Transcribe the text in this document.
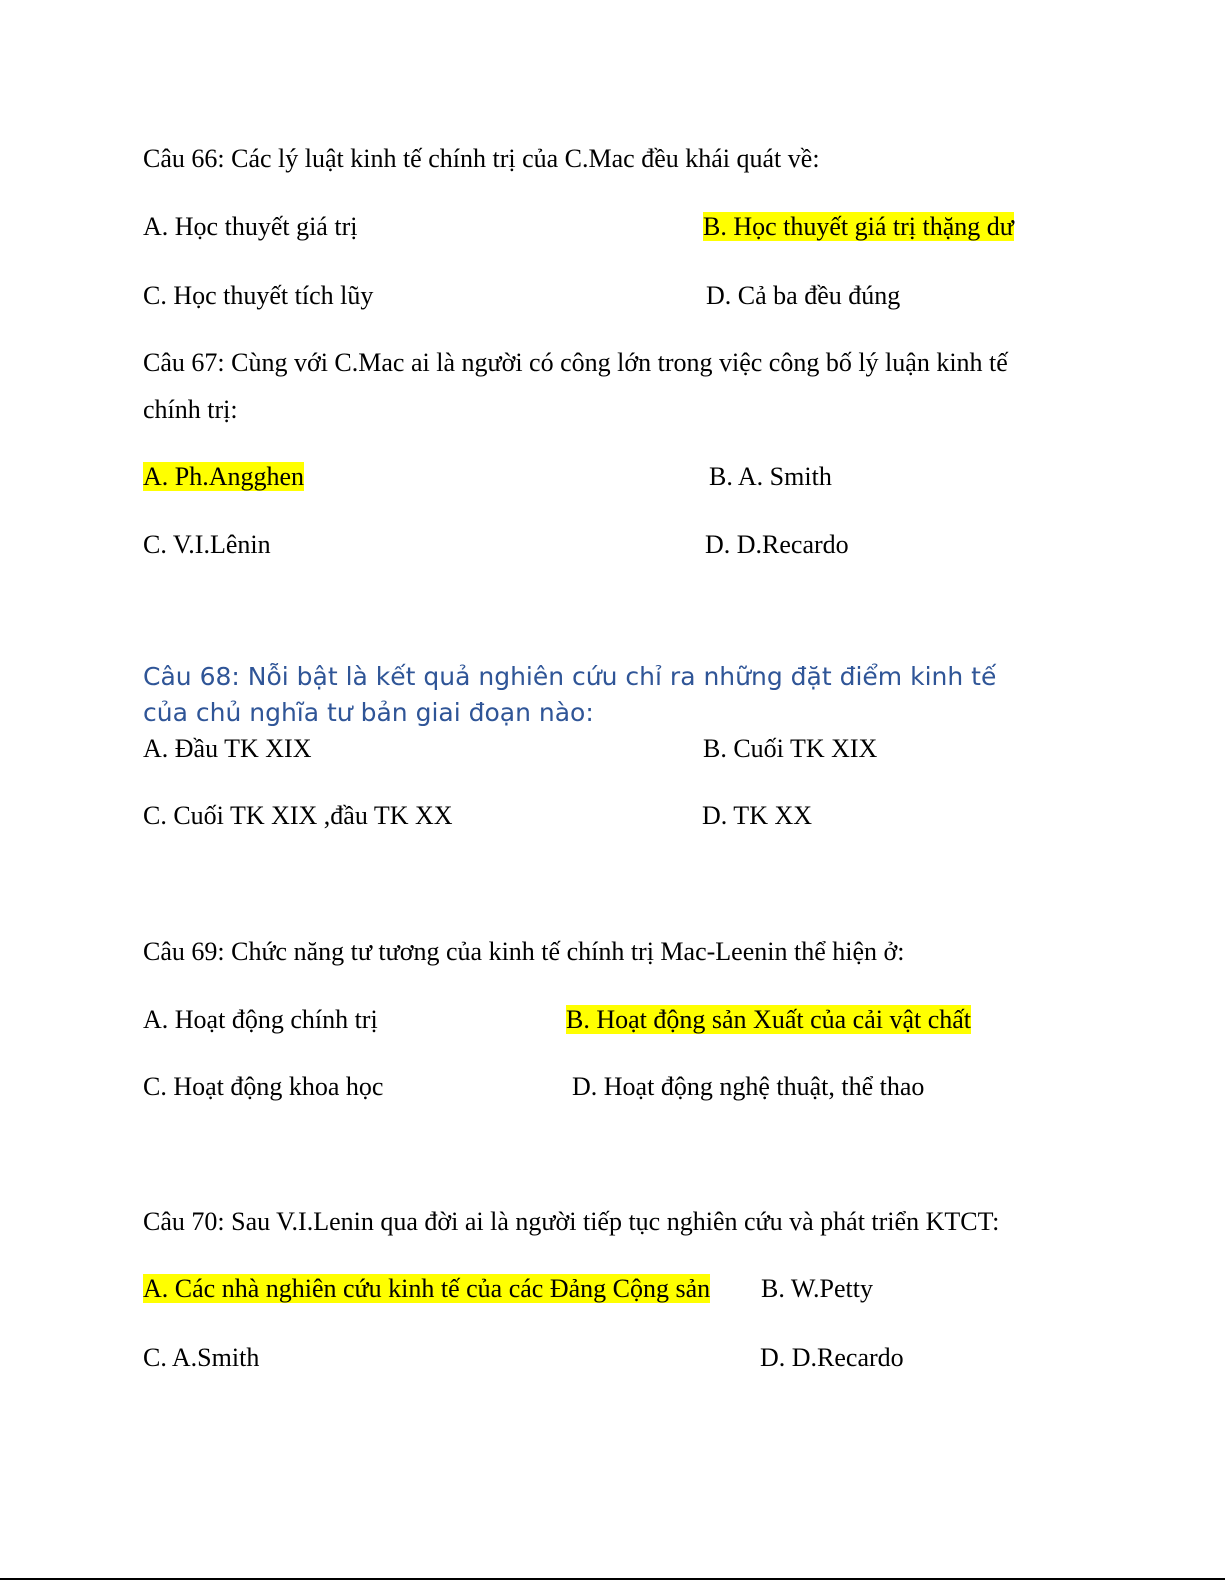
Câu 66: Các lý luật kinh tế chính trị của C.Mac đều khái quát về:
A. Học thuyết giá trị	B. Học thuyết giá trị thặng dư
C. Học thuyết tích lũy	D. Cả ba đều đúng
Câu 67: Cùng với C.Mac ai là người có công lớn trong việc công bố lý luận kinh tế
chính trị:
A. Ph.Angghen	B. A. Smith
C. V.I.Lênin	D. D.Recardo
Câu 68: Nỗi bật là kết quả nghiên cứu chỉ ra những đặt điểm kinh tế
của chủ nghĩa tư bản giai đoạn nào:
A. Đầu TK XIX	B. Cuối TK XIX
C. Cuối TK XIX ,đầu TK XX	D. TK XX
Câu 69: Chức năng tư tương của kinh tế chính trị Mac-Leenin thể hiện ở:
A. Hoạt động chính trị	B. Hoạt động sản Xuất của cải vật chất
C. Hoạt động khoa học	D. Hoạt động nghệ thuật, thể thao
Câu 70: Sau V.I.Lenin qua đời ai là người tiếp tục nghiên cứu và phát triển KTCT:
A. Các nhà nghiên cứu kinh tế của các Đảng Cộng sản B. W.Petty
C. A.Smith	D. D.Recardo
